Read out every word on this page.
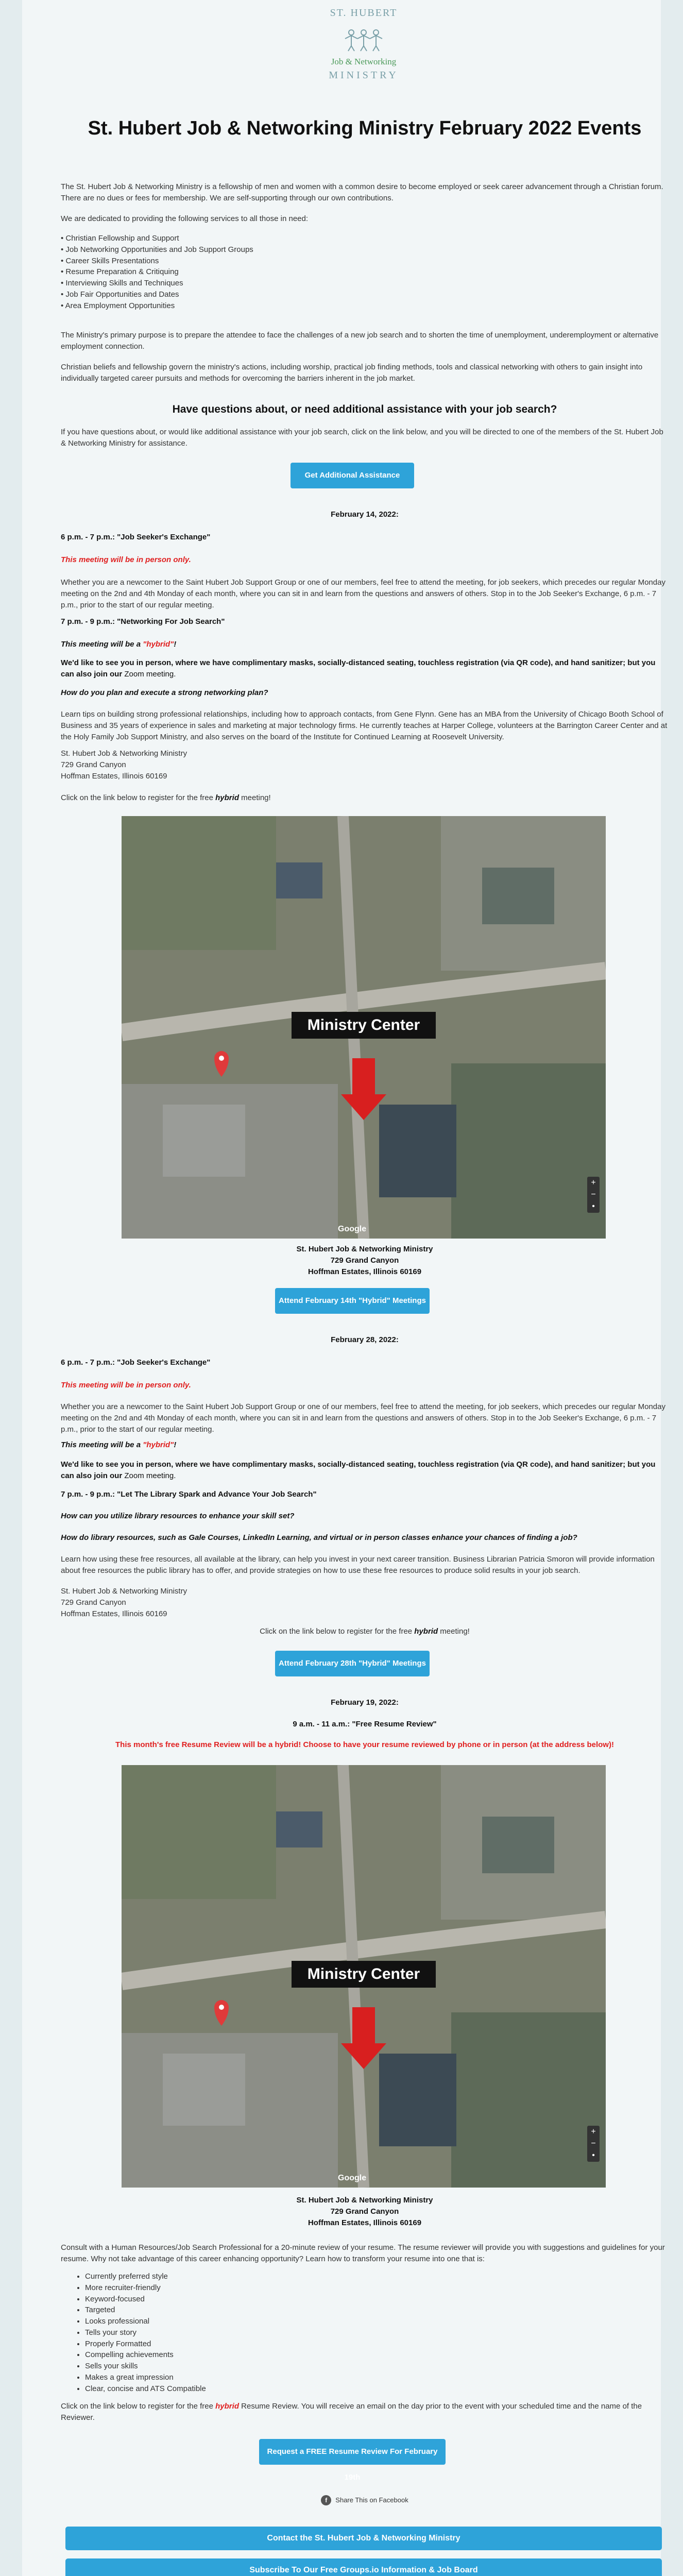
ST. HUBERT
Job & Networking
MINISTRY
St. Hubert Job & Networking Ministry February 2022 Events

The St. Hubert Job & Networking Ministry is a fellowship of men and women with a common desire to become employed or seek career advancement through a Christian forum. There are no dues or fees for membership. We are self-supporting through our own contributions.

We are dedicated to providing the following services to all those in need:

• Christian Fellowship and Support
• Job Networking Opportunities and Job Support Groups
• Career Skills Presentations
• Resume Preparation & Critiquing
• Interviewing Skills and Techniques
• Job Fair Opportunities and Dates
• Area Employment Opportunities

The Ministry's primary purpose is to prepare the attendee to face the challenges of a new job search and to shorten the time of unemployment, underemployment or alternative employment connection.

Christian beliefs and fellowship govern the ministry's actions, including worship, practical job finding methods, tools and classical networking with others to gain insight into individually targeted career pursuits and methods for overcoming the barriers inherent in the job market.

Have questions about, or need additional assistance with your job search?

If you have questions about, or would like additional assistance with your job search, click on the link below, and you will be directed to one of the members of the St. Hubert Job & Networking Ministry for assistance.

Get Additional Assistance
February 14, 2022:

6 p.m. - 7 p.m.: "Job Seeker's Exchange"

This meeting will be in person only.

Whether you are a newcomer to the Saint Hubert Job Support Group or one of our members, feel free to attend the meeting, for job seekers, which precedes our regular Monday meeting on the 2nd and 4th Monday of each month, where you can sit in and learn from the questions and answers of others. Stop in to the Job Seeker's Exchange, 6 p.m. - 7 p.m., prior to the start of our regular meeting.

7 p.m. - 9 p.m.: "Networking For Job Search"

This meeting will be a "hybrid"!

We'd like to see you in person, where we have complimentary masks, socially-distanced seating, touchless registration (via QR code), and hand sanitizer; but you can also join our Zoom meeting.

How do you plan and execute a strong networking plan?

Learn tips on building strong professional relationships, including how to approach contacts, from Gene Flynn. Gene has an MBA from the University of Chicago Booth School of Business and 35 years of experience in sales and marketing at major technology firms. He currently teaches at Harper College, volunteers at the Barrington Career Center and at the Holy Family Job Support Ministry, and also serves on the board of the Institute for Continued Learning at Roosevelt University.

St. Hubert Job & Networking Ministry

729 Grand Canyon

Hoffman Estates, Illinois 60169

Click on the link below to register for the free hybrid meeting!

Ministry Center
Google
+
−
•
St. Hubert Job & Networking Ministry
729 Grand Canyon
Hoffman Estates, Illinois 60169
Attend February 14th "Hybrid" Meetings
February 28, 2022:

6 p.m. - 7 p.m.: "Job Seeker's Exchange"

This meeting will be in person only.

Whether you are a newcomer to the Saint Hubert Job Support Group or one of our members, feel free to attend the meeting, for job seekers, which precedes our regular Monday meeting on the 2nd and 4th Monday of each month, where you can sit in and learn from the questions and answers of others. Stop in to the Job Seeker's Exchange, 6 p.m. - 7 p.m., prior to the start of our regular meeting.

This meeting will be a "hybrid"!

We'd like to see you in person, where we have complimentary masks, socially-distanced seating, touchless registration (via QR code), and hand sanitizer; but you can also join our Zoom meeting.

7 p.m. - 9 p.m.: "Let The Library Spark and Advance Your Job Search"

How can you utilize library resources to enhance your skill set?

How do library resources, such as Gale Courses, LinkedIn Learning, and virtual or in person classes enhance your chances of finding a job?

Learn how using these free resources, all available at the library, can help you invest in your next career transition. Business Librarian Patricia Smoron will provide information about free resources the public library has to offer, and provide strategies on how to use these free resources to produce solid results in your job search.

St. Hubert Job & Networking Ministry

729 Grand Canyon

Hoffman Estates, Illinois 60169

Click on the link below to register for the free hybrid meeting!

Attend February 28th "Hybrid" Meetings
February 19, 2022:
9 a.m. - 11 a.m.: "Free Resume Review"
This month's free Resume Review will be a hybrid! Choose to have your resume reviewed by phone or in person (at the address below)!
Ministry Center
Google
+
−
•
St. Hubert Job & Networking Ministry
729 Grand Canyon
Hoffman Estates, Illinois 60169

Consult with a Human Resources/Job Search Professional for a 20-minute review of your resume. The resume reviewer will provide you with suggestions and guidelines for your resume. Why not take advantage of this career enhancing opportunity? Learn how to transform your resume into one that is:

• Currently preferred style
• More recruiter-friendly
• Keyword-focused
• Targeted
• Looks professional
• Tells your story
• Properly Formatted
• Compelling achievements
• Sells your skills
• Makes a great impression
• Clear, concise and ATS Compatible

Click on the link below to register for the free hybrid Resume Review. You will receive an email on the day prior to the event with your scheduled time and the name of the Reviewer.

Request a FREE Resume Review For February 19th
f Share This on Facebook
Contact the St. Hubert Job & Networking Ministry
Subscribe To Our Free Groups.io Information & Job Board
